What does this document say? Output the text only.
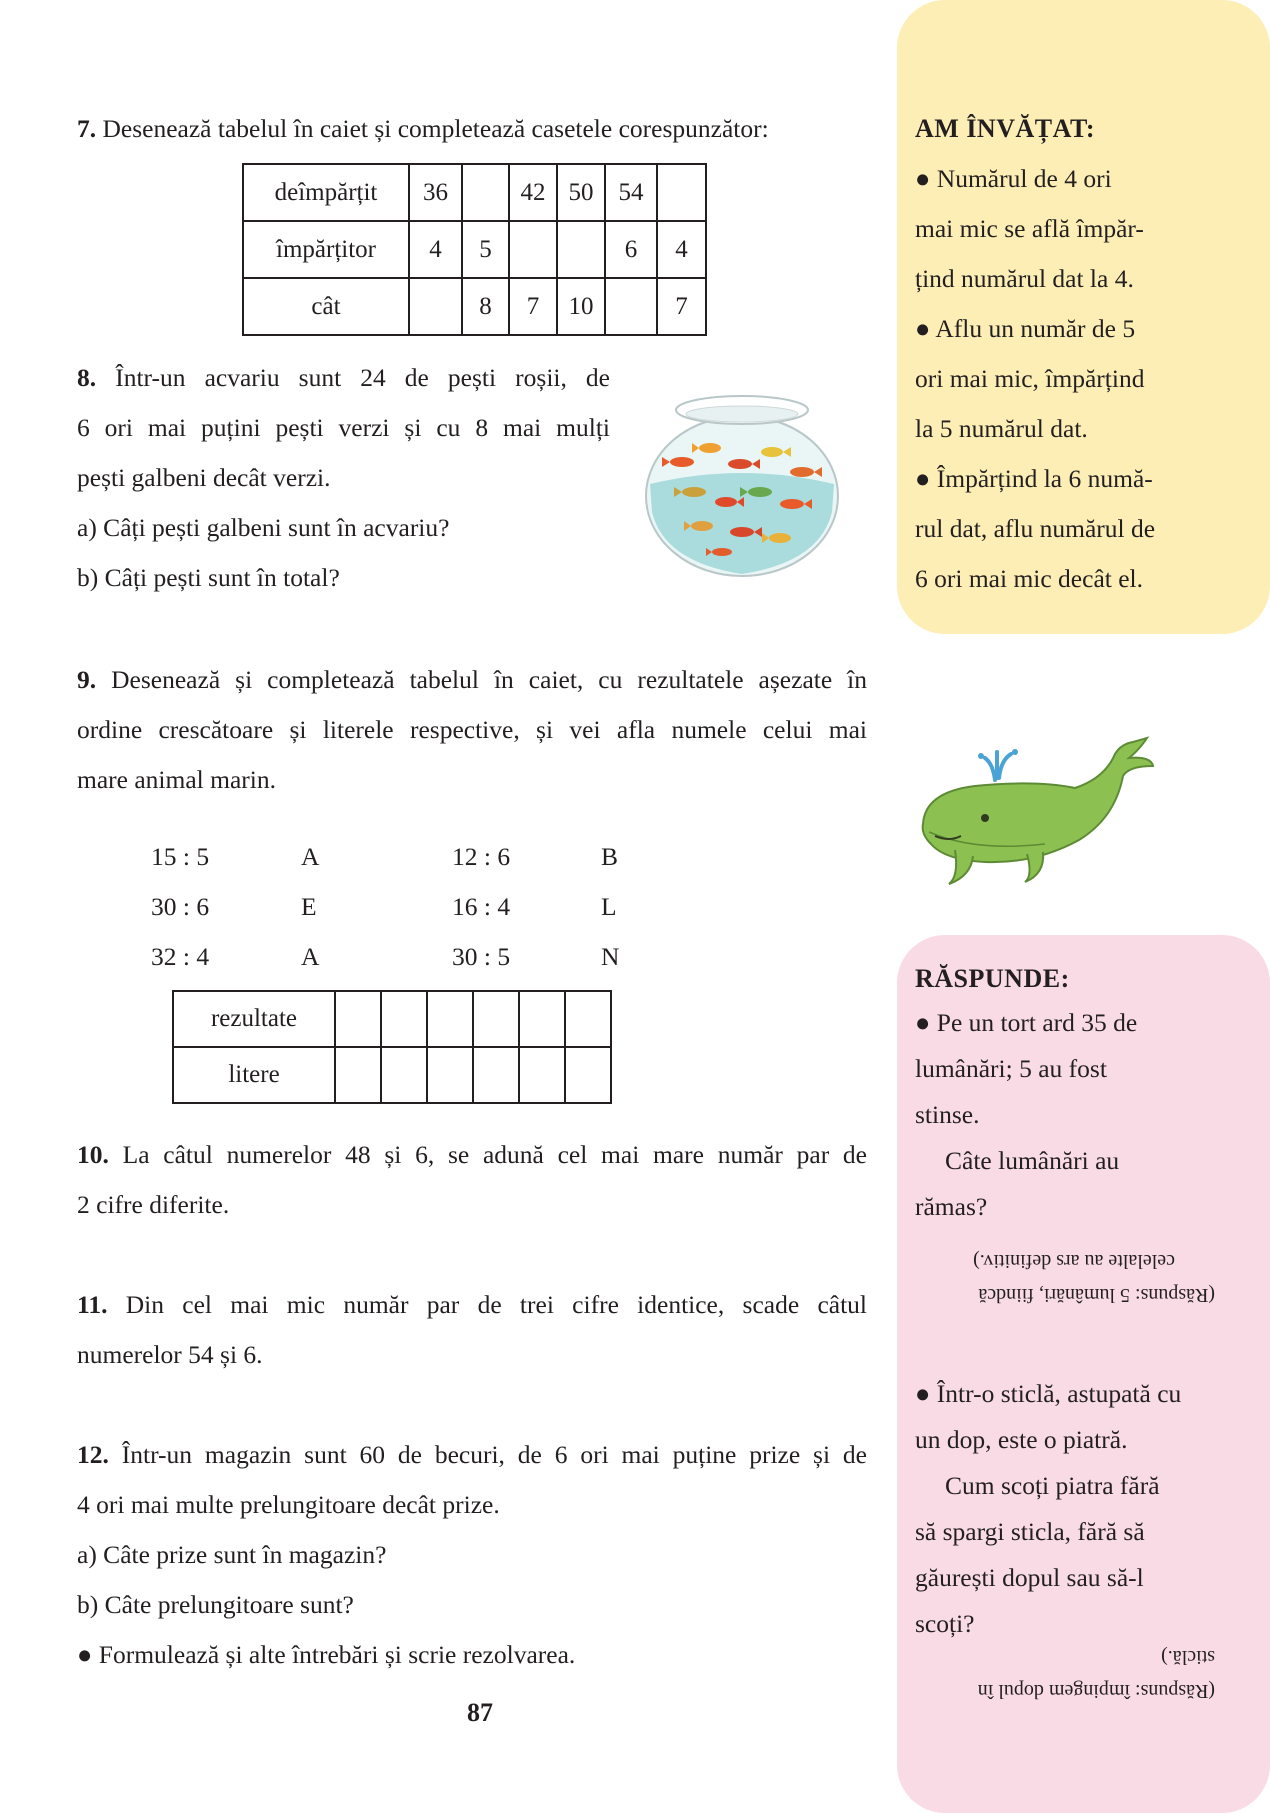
7. Desenează tabelul în caiet și completează casetele corespunzător:
deîmpărțit	36		42	50	54	
împărțitor	4	5			6	4
cât		8	7	10		7
8. Într-un acvariu sunt 24 de pești roșii, de
6 ori mai puțini pești verzi și cu 8 mai mulți
pești galbeni decât verzi.
a) Câți pești galbeni sunt în acvariu?
b) Câți pești sunt în total?
9. Desenează și completează tabelul în caiet, cu rezultatele așezate în
ordine crescătoare și literele respective, și vei afla numele celui mai
mare animal marin.
15 : 5	A	12 : 6	B
30 : 6	E	16 : 4	L
32 : 4	A	30 : 5	N
rezultate						
litere						
10. La câtul numerelor 48 și 6, se adună cel mai mare număr par de
2 cifre diferite.
11. Din cel mai mic număr par de trei cifre identice, scade câtul
numerelor 54 și 6.
12. Într-un magazin sunt 60 de becuri, de 6 ori mai puține prize și de
4 ori mai multe prelungitoare decât prize.
a) Câte prize sunt în magazin?
b) Câte prelungitoare sunt?
● Formulează și alte întrebări și scrie rezolvarea.
87
AM ÎNVĂȚAT:
● Numărul de 4 ori
mai mic se află împăr-
țind numărul dat la 4.
● Aflu un număr de 5
ori mai mic, împărțind
la 5 numărul dat.
● Împărțind la 6 numă-
rul dat, aflu numărul de
6 ori mai mic decât el.
RĂSPUNDE:
● Pe un tort ard 35 de
lumânări; 5 au fost
stinse.
Câte lumânări au
rămas?
(Răspuns: 5 lumânări, fiindcă
celelalte au ars definitiv.)
● Într-o sticlă, astupată cu
un dop, este o piatră.
Cum scoți piatra fără
să spargi sticla, fără să
găurești dopul sau să-l
scoți?
(Răspuns: împingem dopul în
sticlă.)
